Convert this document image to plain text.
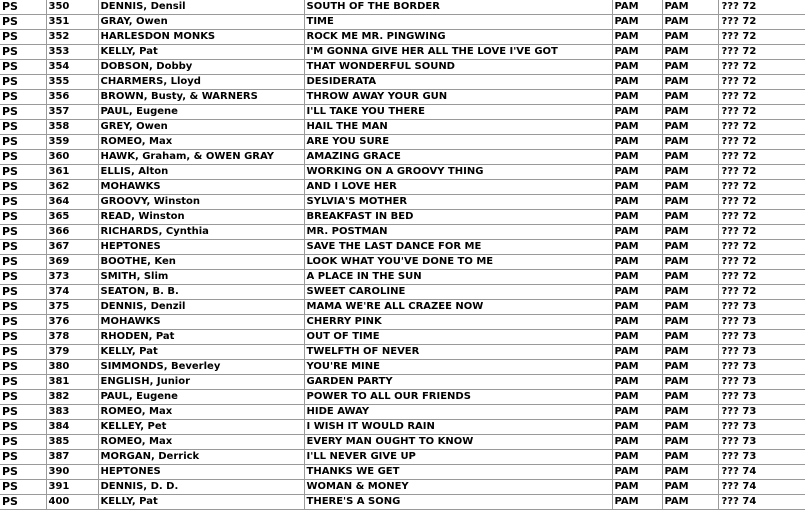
PS	350	DENNIS, Densil	SOUTH OF THE BORDER	PAM	PAM	??? 72
PS	351	GRAY, Owen	TIME	PAM	PAM	??? 72
PS	352	HARLESDON MONKS	ROCK ME MR. PINGWING	PAM	PAM	??? 72
PS	353	KELLY, Pat	I'M GONNA GIVE HER ALL THE LOVE I'VE GOT	PAM	PAM	??? 72
PS	354	DOBSON, Dobby	THAT WONDERFUL SOUND	PAM	PAM	??? 72
PS	355	CHARMERS, Lloyd	DESIDERATA	PAM	PAM	??? 72
PS	356	BROWN, Busty, & WARNERS	THROW AWAY YOUR GUN	PAM	PAM	??? 72
PS	357	PAUL, Eugene	I'LL TAKE YOU THERE	PAM	PAM	??? 72
PS	358	GREY, Owen	HAIL THE MAN	PAM	PAM	??? 72
PS	359	ROMEO, Max	ARE YOU SURE	PAM	PAM	??? 72
PS	360	HAWK, Graham, & OWEN GRAY	AMAZING GRACE	PAM	PAM	??? 72
PS	361	ELLIS, Alton	WORKING ON A GROOVY THING	PAM	PAM	??? 72
PS	362	MOHAWKS	AND I LOVE HER	PAM	PAM	??? 72
PS	364	GROOVY, Winston	SYLVIA'S MOTHER	PAM	PAM	??? 72
PS	365	READ, Winston	BREAKFAST IN BED	PAM	PAM	??? 72
PS	366	RICHARDS, Cynthia	MR. POSTMAN	PAM	PAM	??? 72
PS	367	HEPTONES	SAVE THE LAST DANCE FOR ME	PAM	PAM	??? 72
PS	369	BOOTHE, Ken	LOOK WHAT YOU'VE DONE TO ME	PAM	PAM	??? 72
PS	373	SMITH, Slim	A PLACE IN THE SUN	PAM	PAM	??? 72
PS	374	SEATON, B. B.	SWEET CAROLINE	PAM	PAM	??? 72
PS	375	DENNIS, Denzil	MAMA WE'RE ALL CRAZEE NOW	PAM	PAM	??? 73
PS	376	MOHAWKS	CHERRY PINK	PAM	PAM	??? 73
PS	378	RHODEN, Pat	OUT OF TIME	PAM	PAM	??? 73
PS	379	KELLY, Pat	TWELFTH OF NEVER	PAM	PAM	??? 73
PS	380	SIMMONDS, Beverley	YOU'RE MINE	PAM	PAM	??? 73
PS	381	ENGLISH, Junior	GARDEN PARTY	PAM	PAM	??? 73
PS	382	PAUL, Eugene	POWER TO ALL OUR FRIENDS	PAM	PAM	??? 73
PS	383	ROMEO, Max	HIDE AWAY	PAM	PAM	??? 73
PS	384	KELLEY, Pet	I WISH IT WOULD RAIN	PAM	PAM	??? 73
PS	385	ROMEO, Max	EVERY MAN OUGHT TO KNOW	PAM	PAM	??? 73
PS	387	MORGAN, Derrick	I'LL NEVER GIVE UP	PAM	PAM	??? 73
PS	390	HEPTONES	THANKS WE GET	PAM	PAM	??? 74
PS	391	DENNIS, D. D.	WOMAN & MONEY	PAM	PAM	??? 74
PS	400	KELLY, Pat	THERE'S A SONG	PAM	PAM	??? 74
